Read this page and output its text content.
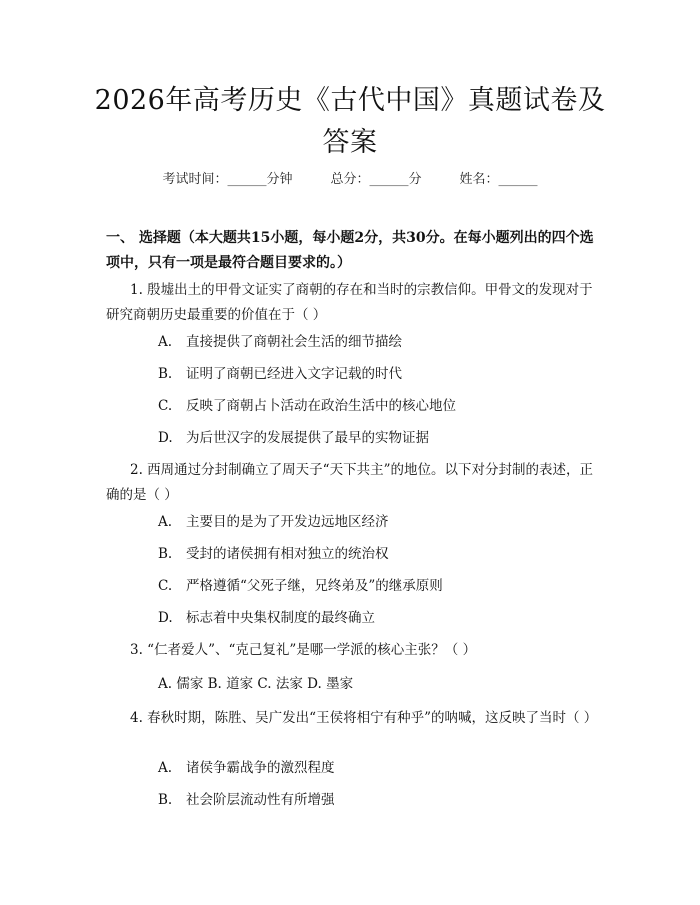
2026年高考历史《古代中国》真题试卷及答案
考试时间：______分钟	总分：______分	姓名：______
一、 选择题（本大题共15小题，每小题2分，共30分。在每小题列出的四个选项中，只有一项是最符合题目要求的。）
1. 殷墟出土的甲骨文证实了商朝的存在和当时的宗教信仰。甲骨文的发现对于研究商朝历史最重要的价值在于（ ）
A. 直接提供了商朝社会生活的细节描绘
B. 证明了商朝已经进入文字记载的时代
C. 反映了商朝占卜活动在政治生活中的核心地位
D. 为后世汉字的发展提供了最早的实物证据
2. 西周通过分封制确立了周天子“天下共主”的地位。以下对分封制的表述，正确的是（ ）
A. 主要目的是为了开发边远地区经济
B. 受封的诸侯拥有相对独立的统治权
C. 严格遵循“父死子继，兄终弟及”的继承原则
D. 标志着中央集权制度的最终确立
3. “仁者爱人”、“克己复礼”是哪一学派的核心主张？（ ）
A. 儒家 B. 道家 C. 法家 D. 墨家
4. 春秋时期，陈胜、吴广发出“王侯将相宁有种乎”的呐喊，这反映了当时（ ）
A. 诸侯争霸战争的激烈程度
B. 社会阶层流动性有所增强
